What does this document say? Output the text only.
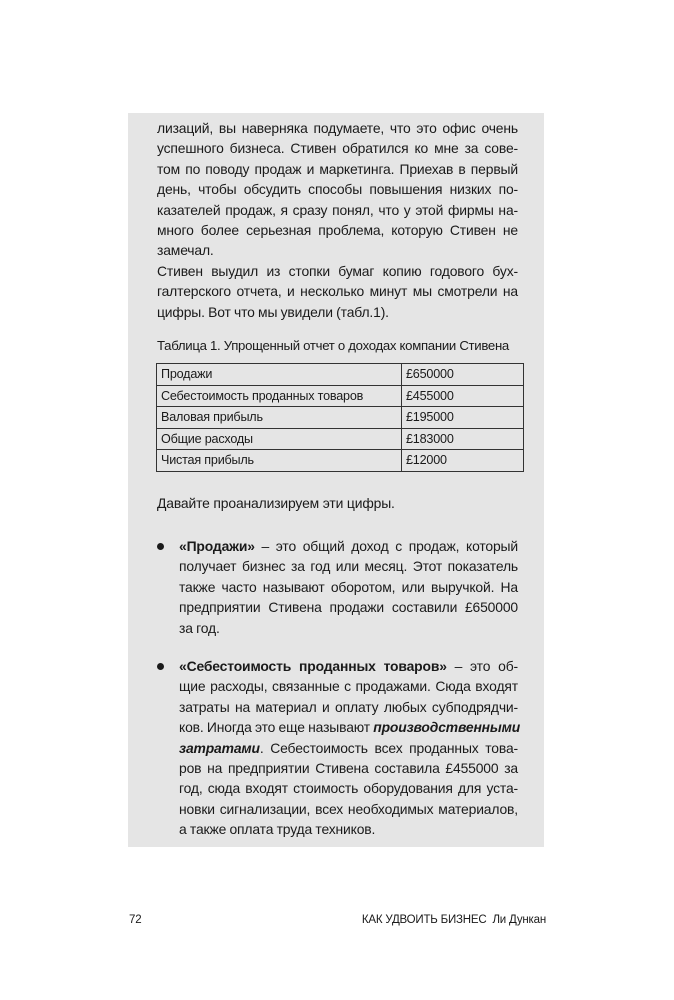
лизаций, вы наверняка подумаете, что это офис очень
успешного бизнеса. Стивен обратился ко мне за сове-
том по поводу продаж и маркетинга. Приехав в первый
день, чтобы обсудить способы повышения низких по-
казателей продаж, я сразу понял, что у этой фирмы на-
много более серьезная проблема, которую Стивен не
замечал.

Стивен выудил из стопки бумаг копию годового бух-
галтерского отчета, и несколько минут мы смотрели на
цифры. Вот что мы увидели (табл.1).

Таблица 1. Упрощенный отчет о доходах компании Стивена
Продажи	£650000
Себестоимость проданных товаров	£455000
Валовая прибыль	£195000
Общие расходы	£183000
Чистая прибыль	£12000
Давайте проанализируем эти цифры.
«Продажи» – это общий доход с продаж, который
получает бизнес за год или месяц. Этот показатель
также часто называют оборотом, или выручкой. На
предприятии Стивена продажи составили £650000
за год.
«Себестоимость проданных товаров» – это об-
щие расходы, связанные с продажами. Сюда входят
затраты на материал и оплату любых субподрядчи-
ков. Иногда это еще называют производственными
затратами. Себестоимость всех проданных това-
ров на предприятии Стивена составила £455000 за
год, сюда входят стоимость оборудования для уста-
новки сигнализации, всех необходимых материалов,
а также оплата труда техников.
72	КАК УДВОИТЬ БИЗНЕС Ли Дункан
